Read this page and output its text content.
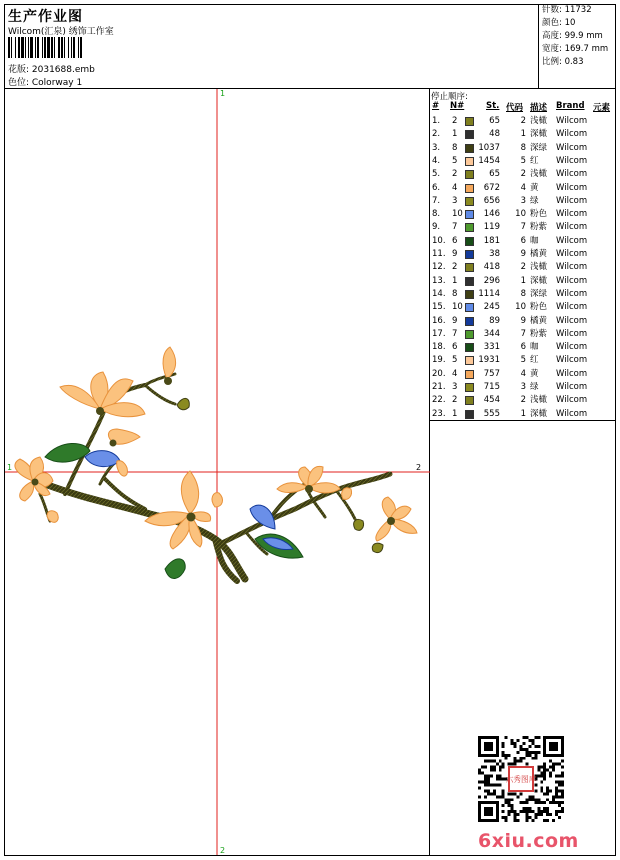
生产作业图
Wilcom(汇泉) 绣饰工作室
花版: 2031688.emb
色位: Colorway 1
针数: 11732
颜色: 10
高度: 99.9 mm
宽度: 169.7 mm
比例: 0.83
1
2
1	2
停止顺序:
# N#	St. 代码 描述 Brand 元素
1. 2	65 2 浅橄 Wilcom
2. 1	48 1 深橄 Wilcom
3. 8 1037 8 深绿 Wilcom
4. 5 1454 5 红 Wilcom
5. 2	65 2 浅橄 Wilcom
6. 4	672 4 黄 Wilcom
7. 3	656 3 绿 Wilcom
8. 10 146 10 粉色 Wilcom
9. 7	119 7 粉紫 Wilcom
10. 6	181 6 咖 Wilcom
11. 9	38 9 橘黄 Wilcom
12. 2	418 2 浅橄 Wilcom
13. 1	296 1 深橄 Wilcom
14. 8 1114 8 深绿 Wilcom
15. 10 245 10 粉色 Wilcom
16. 9	89 9 橘黄 Wilcom
17. 7	344 7 粉紫 Wilcom
18. 6	331 6 咖 Wilcom
19. 5 1931 5 红 Wilcom
20. 4	757 4 黄 Wilcom
21. 3	715 3 绿 Wilcom
22. 2	454 2 浅橄 Wilcom
23. 1	555 1 深橄 Wilcom
六秀图库
6xiu.com
